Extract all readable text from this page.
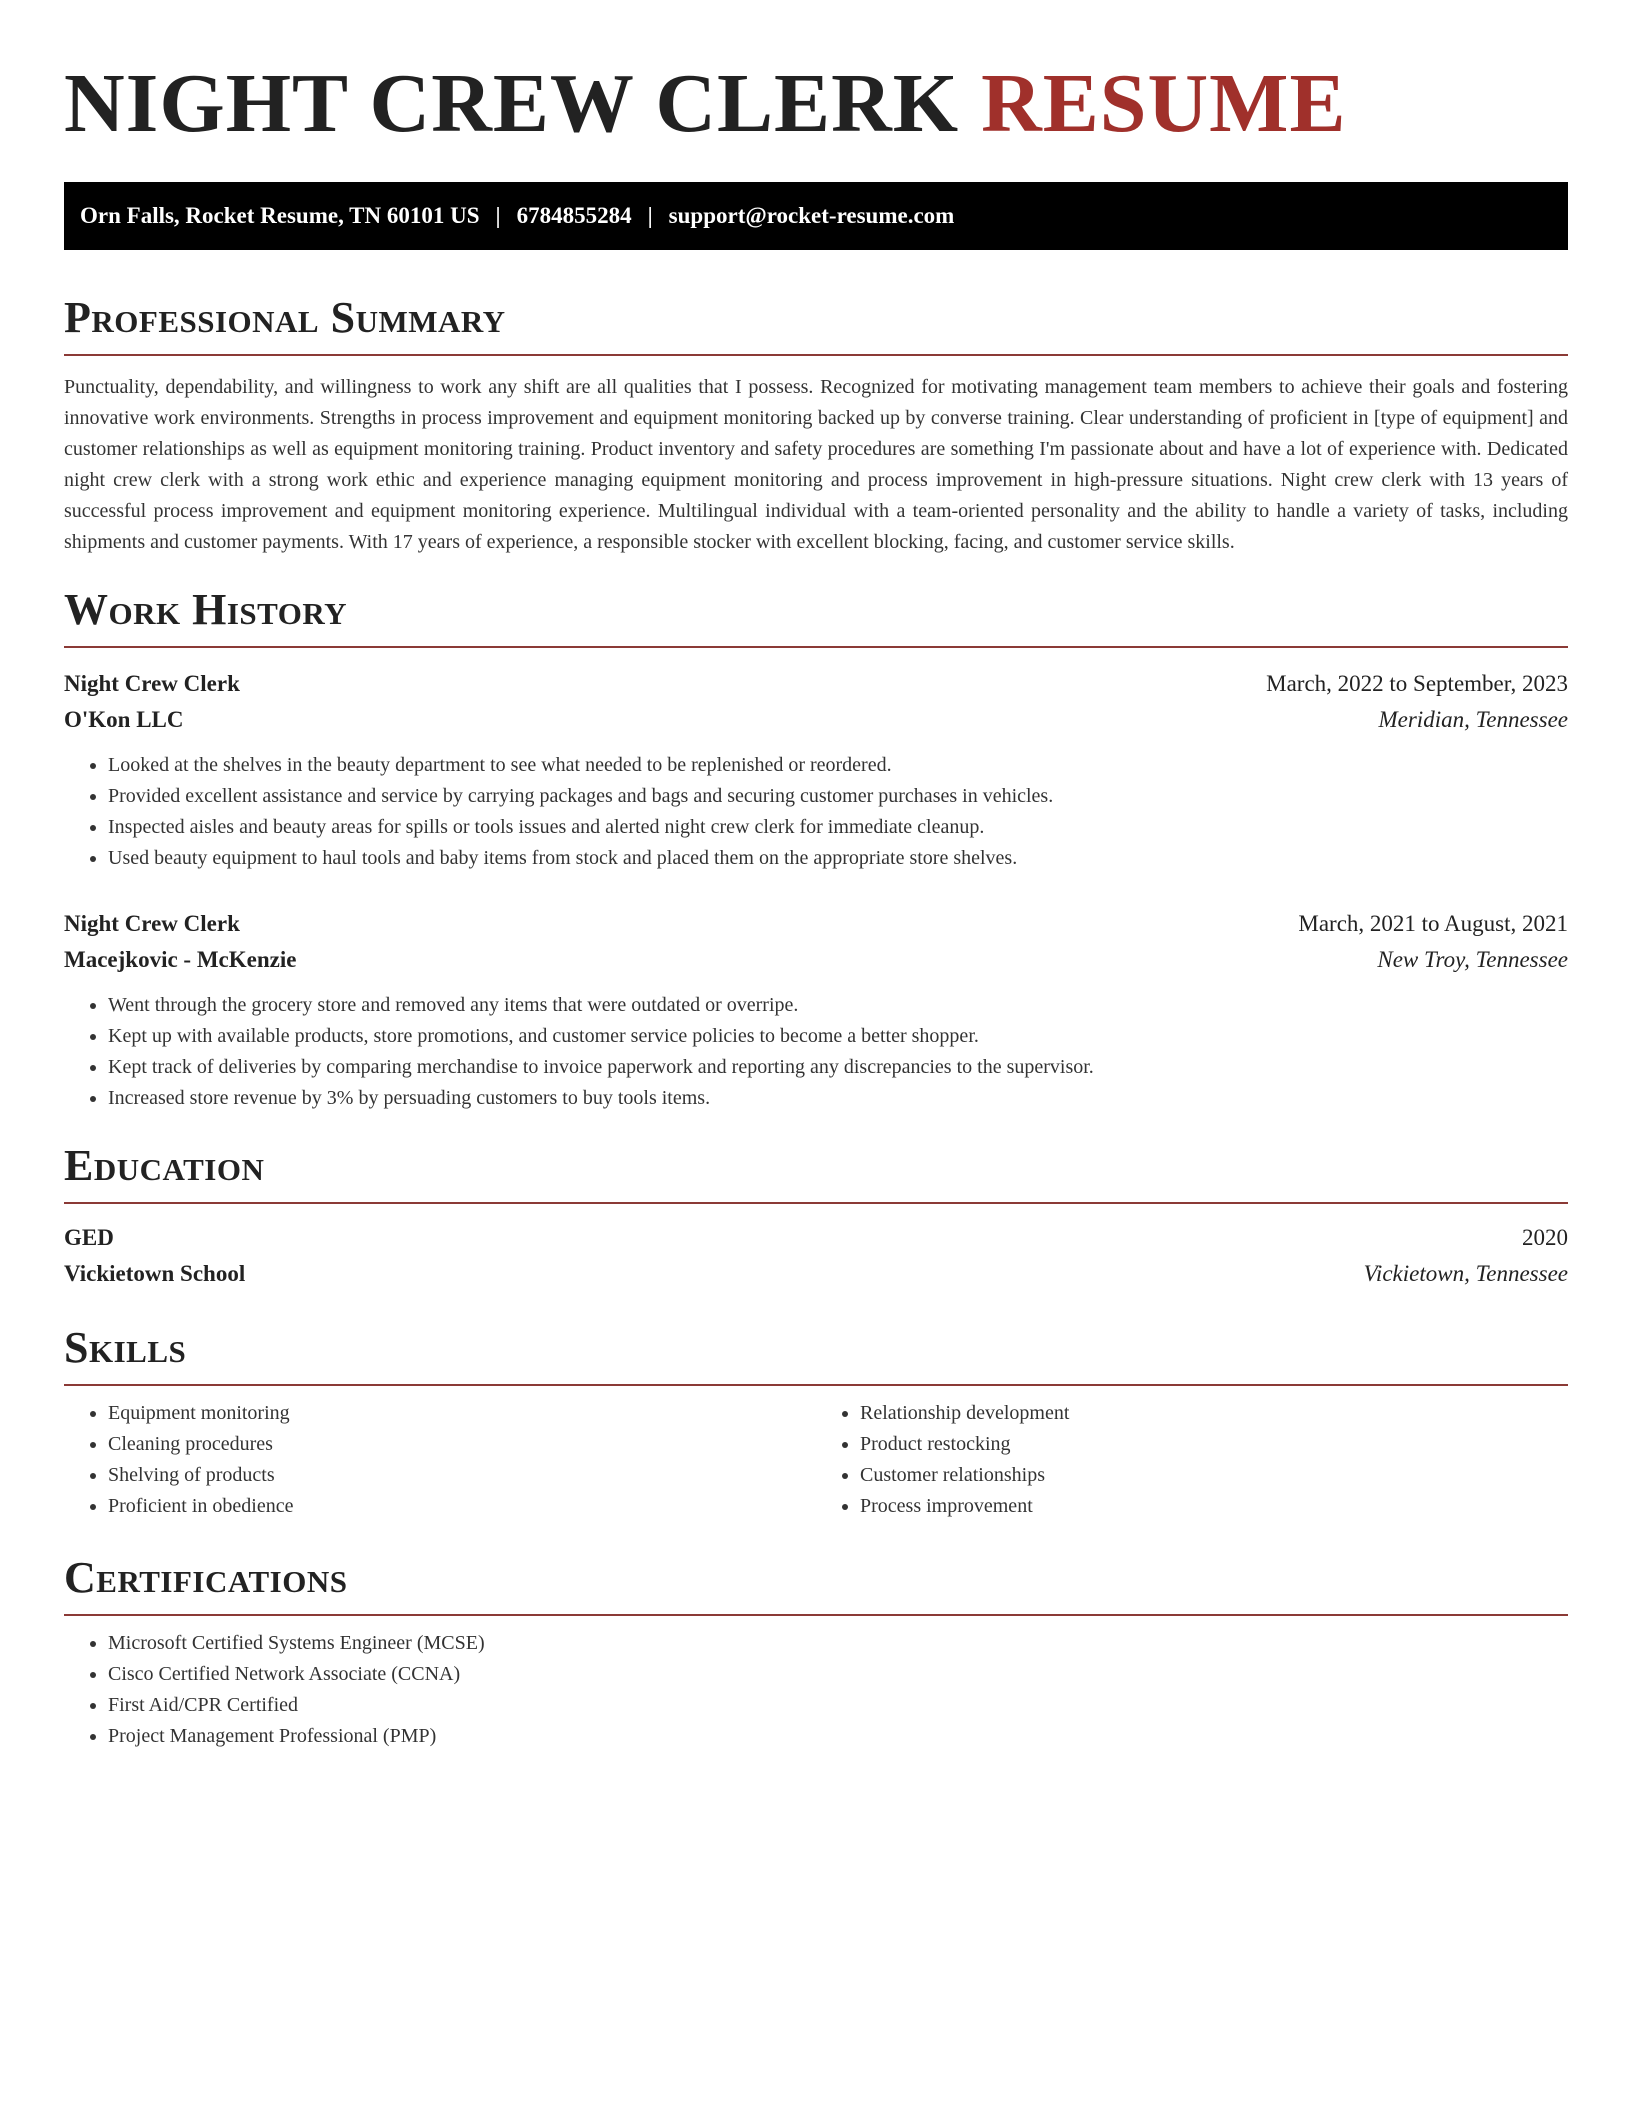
NIGHT CREW CLERK RESUME
Orn Falls, Rocket Resume, TN 60101 US | 6784855284 | support@rocket-resume.com
Professional Summary
Punctuality, dependability, and willingness to work any shift are all qualities that I possess. Recognized for motivating management team members to achieve their goals and fostering innovative work environments. Strengths in process improvement and equipment monitoring backed up by converse training. Clear understanding of proficient in [type of equipment] and customer relationships as well as equipment monitoring training. Product inventory and safety procedures are something I'm passionate about and have a lot of experience with. Dedicated night crew clerk with a strong work ethic and experience managing equipment monitoring and process improvement in high-pressure situations. Night crew clerk with 13 years of successful process improvement and equipment monitoring experience. Multilingual individual with a team-oriented personality and the ability to handle a variety of tasks, including shipments and customer payments. With 17 years of experience, a responsible stocker with excellent blocking, facing, and customer service skills.
Work History
Night Crew Clerk	March, 2022 to September, 2023
O'Kon LLC	Meridian, Tennessee
• Looked at the shelves in the beauty department to see what needed to be replenished or reordered.
• Provided excellent assistance and service by carrying packages and bags and securing customer purchases in vehicles.
• Inspected aisles and beauty areas for spills or tools issues and alerted night crew clerk for immediate cleanup.
• Used beauty equipment to haul tools and baby items from stock and placed them on the appropriate store shelves.
Night Crew Clerk	March, 2021 to August, 2021
Macejkovic - McKenzie	New Troy, Tennessee
• Went through the grocery store and removed any items that were outdated or overripe.
• Kept up with available products, store promotions, and customer service policies to become a better shopper.
• Kept track of deliveries by comparing merchandise to invoice paperwork and reporting any discrepancies to the supervisor.
• Increased store revenue by 3% by persuading customers to buy tools items.
Education
GED	2020
Vickietown School	Vickietown, Tennessee
Skills
• Equipment monitoring
• Cleaning procedures
• Shelving of products
• Proficient in obedience
• Relationship development
• Product restocking
• Customer relationships
• Process improvement
Certifications
• Microsoft Certified Systems Engineer (MCSE)
• Cisco Certified Network Associate (CCNA)
• First Aid/CPR Certified
• Project Management Professional (PMP)
